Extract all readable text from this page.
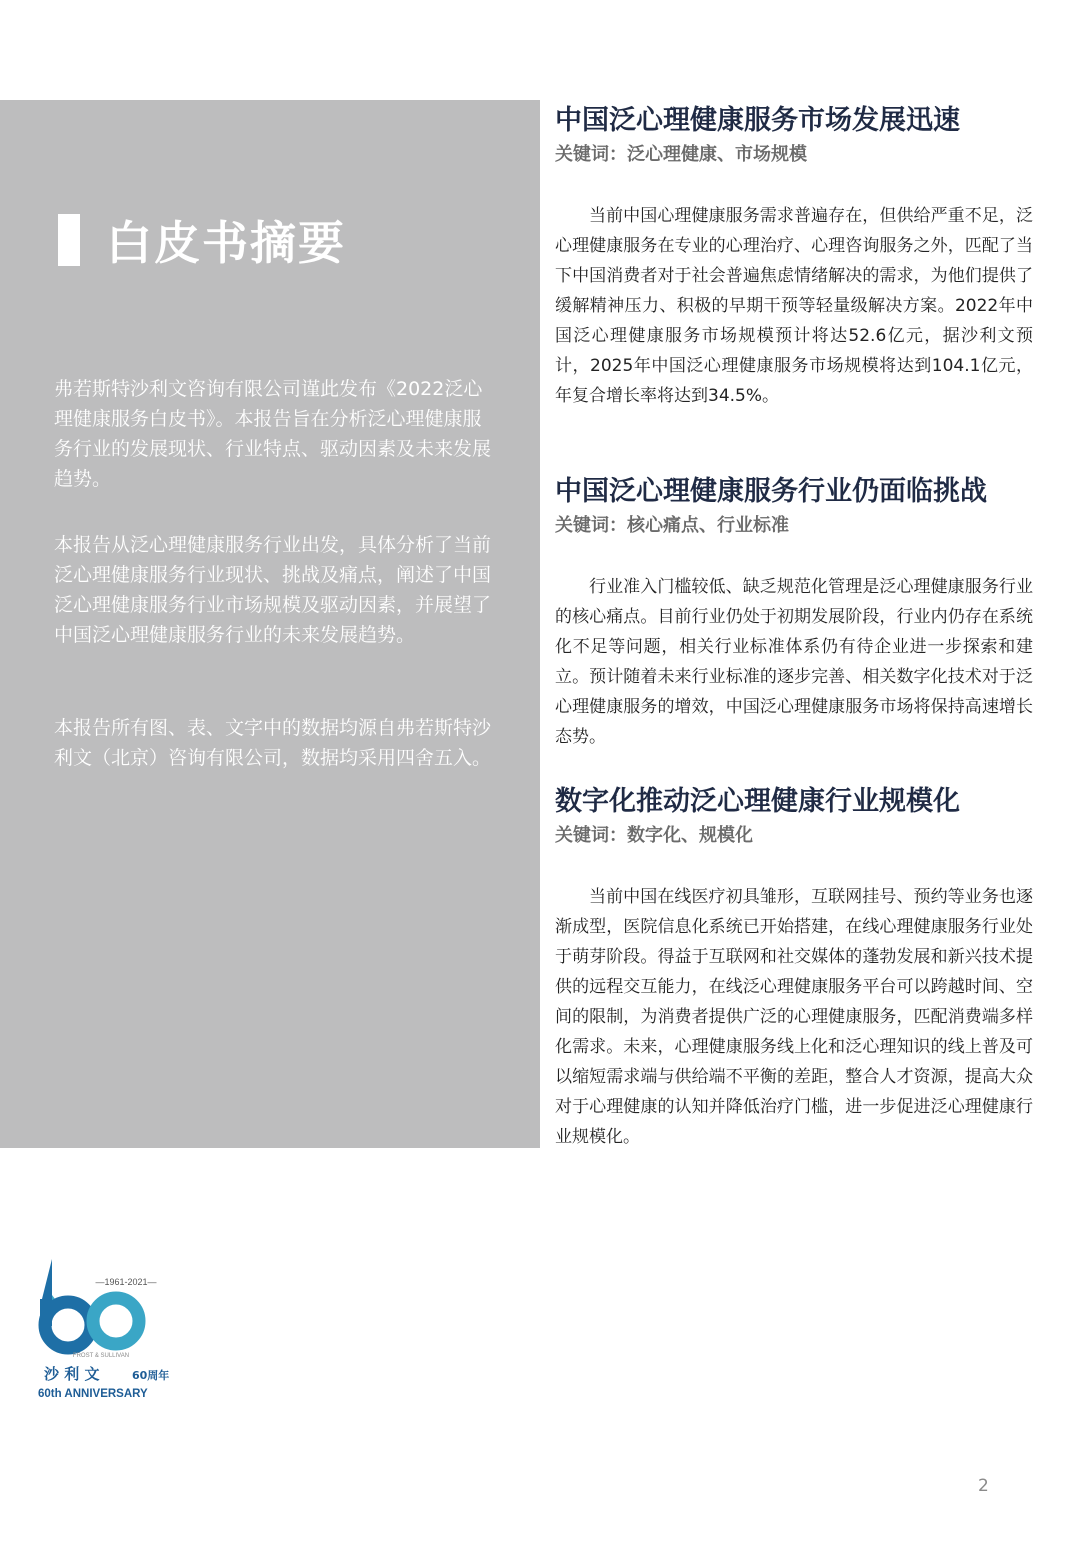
白皮书摘要

弗若斯特沙利文咨询有限公司谨此发布《2022泛心理健康服务白皮书》。本报告旨在分析泛心理健康服务行业的发展现状、行业特点、驱动因素及未来发展趋势。

本报告从泛心理健康服务行业出发，具体分析了当前泛心理健康服务行业现状、挑战及痛点，阐述了中国泛心理健康服务行业市场规模及驱动因素，并展望了中国泛心理健康服务行业的未来发展趋势。

本报告所有图、表、文字中的数据均源自弗若斯特沙利文（北京）咨询有限公司，数据均采用四舍五入。

中国泛心理健康服务市场发展迅速

关键词：泛心理健康、市场规模

当前中国心理健康服务需求普遍存在，但供给严重不足，泛心理健康服务在专业的心理治疗、心理咨询服务之外，匹配了当下中国消费者对于社会普遍焦虑情绪解决的需求，为他们提供了缓解精神压力、积极的早期干预等轻量级解决方案。2022年中国泛心理健康服务市场规模预计将达52.6亿元，据沙利文预计，2025年中国泛心理健康服务市场规模将达到104.1亿元，年复合增长率将达到34.5%。

中国泛心理健康服务行业仍面临挑战

关键词：核心痛点、行业标准

行业准入门槛较低、缺乏规范化管理是泛心理健康服务行业的核心痛点。目前行业仍处于初期发展阶段，行业内仍存在系统化不足等问题，相关行业标准体系仍有待企业进一步探索和建立。预计随着未来行业标准的逐步完善、相关数字化技术对于泛心理健康服务的增效，中国泛心理健康服务市场将保持高速增长态势。

数字化推动泛心理健康行业规模化

关键词：数字化、规模化

当前中国在线医疗初具雏形，互联网挂号、预约等业务也逐渐成型，医院信息化系统已开始搭建，在线心理健康服务行业处于萌芽阶段。得益于互联网和社交媒体的蓬勃发展和新兴技术提供的远程交互能力，在线泛心理健康服务平台可以跨越时间、空间的限制，为消费者提供广泛的心理健康服务，匹配消费端多样化需求。未来，心理健康服务线上化和泛心理知识的线上普及可以缩短需求端与供给端不平衡的差距，整合人才资源，提高大众对于心理健康的认知并降低治疗门槛，进一步促进泛心理健康行业规模化。

—1961-2021—
FROST & SULLIVAN
沙 利 文	60周年
60th ANNIVERSARY
2
